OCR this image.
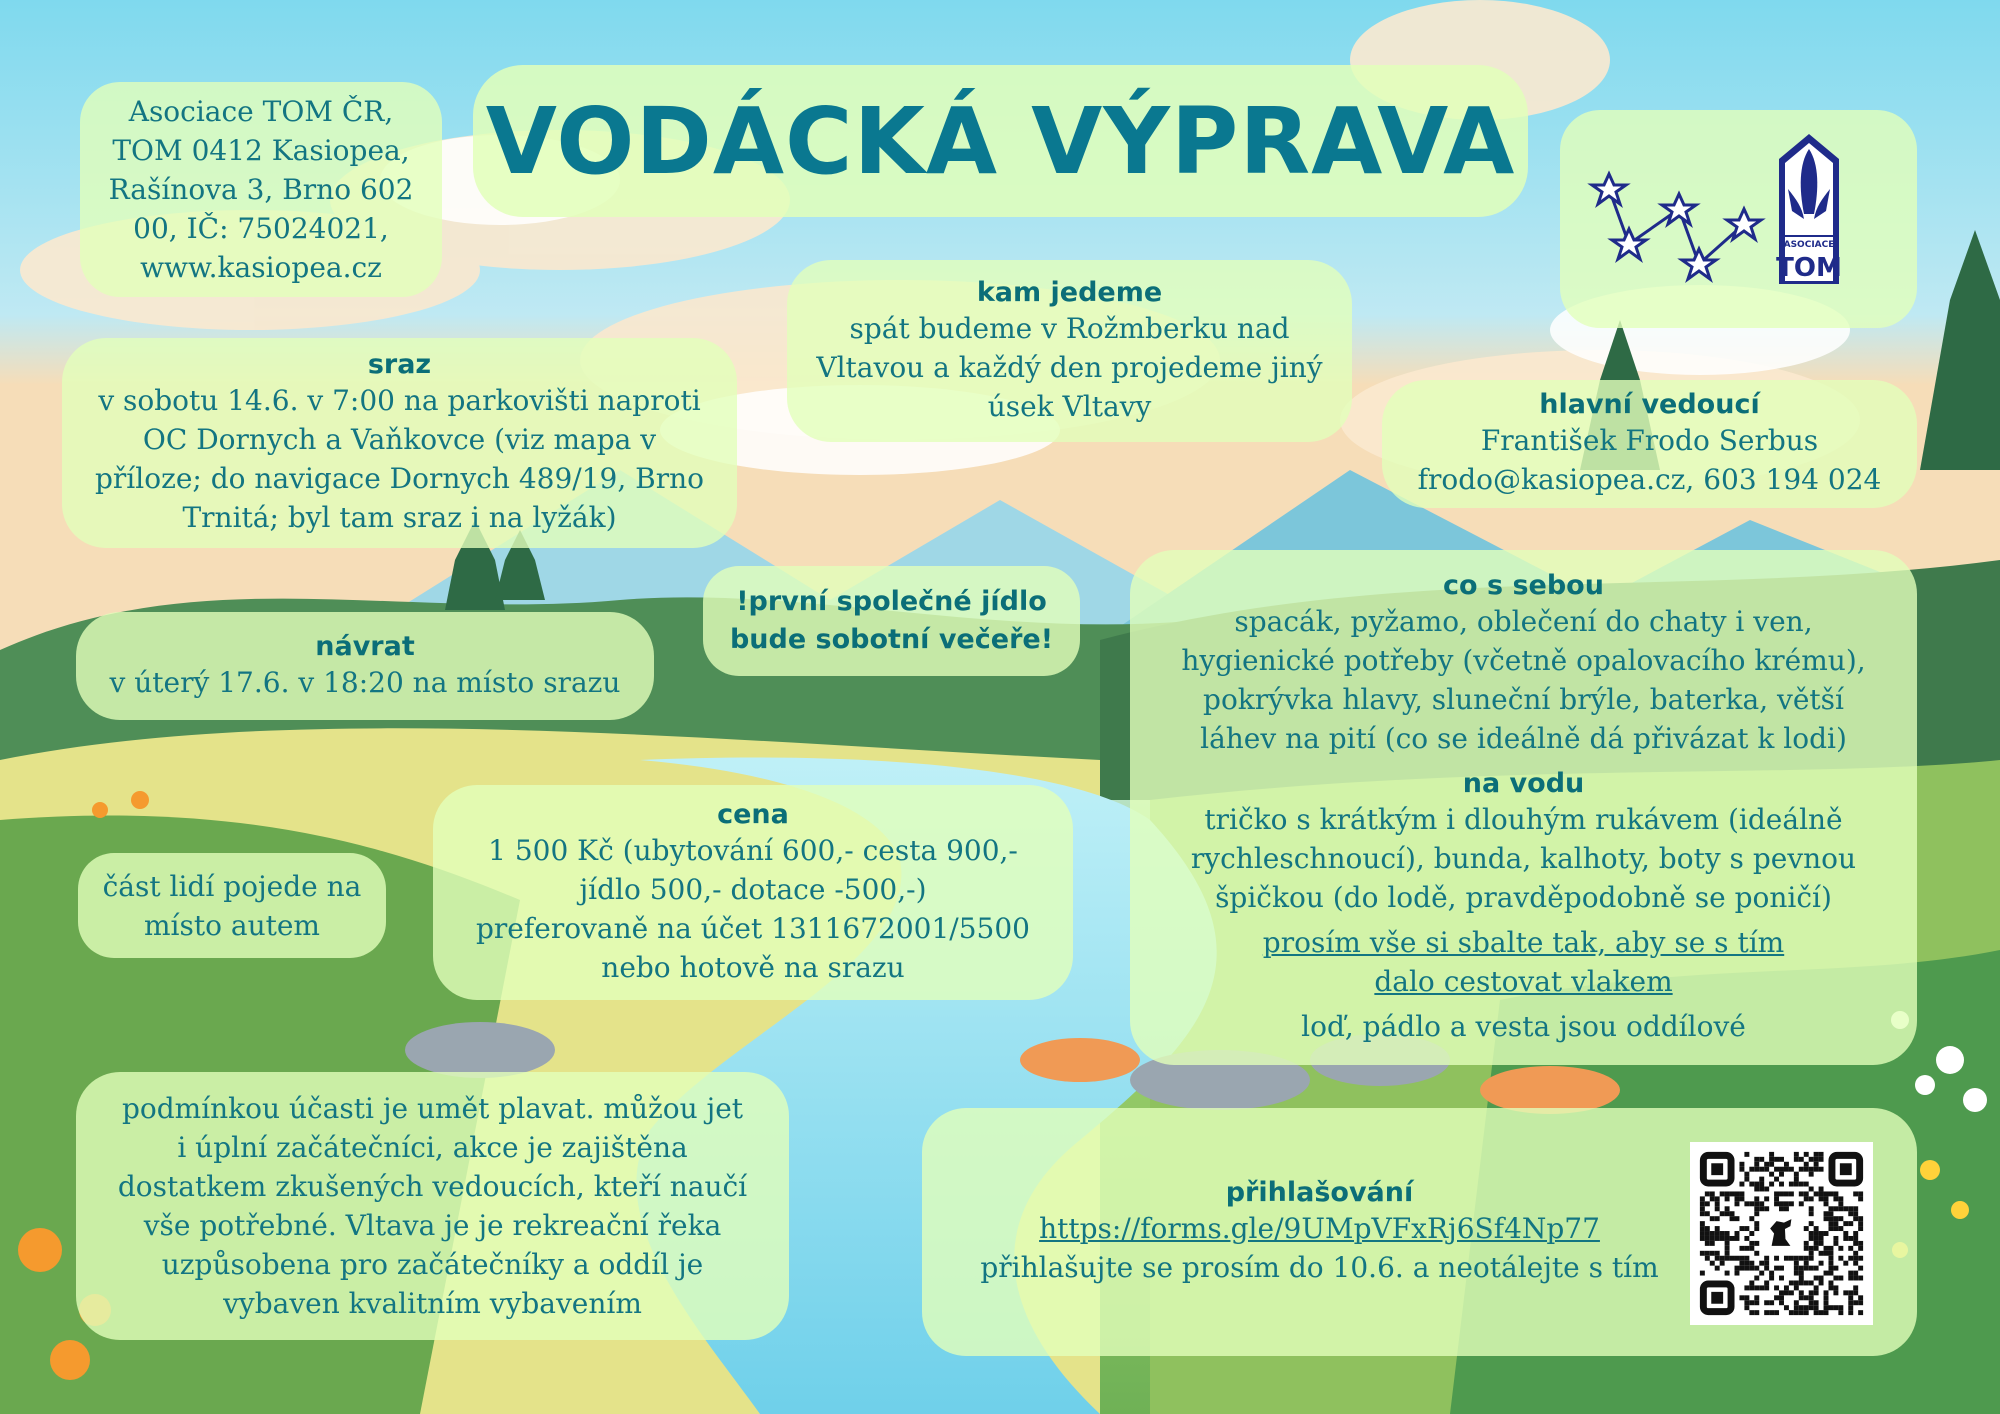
Asociace TOM ČR,
TOM 0412 Kasiopea,
Rašínova 3, Brno 602
00, IČ: 75024021,
www.kasiopea.cz
VODÁCKÁ VÝPRAVA
ASOCIACE
TOM
kam jedeme
spát budeme v Rožmberku nad
Vltavou a každý den projedeme jiný
úsek Vltavy
sraz
v sobotu 14.6. v 7:00 na parkovišti naproti
OC Dornych a Vaňkovce (viz mapa v
příloze; do navigace Dornych 489/19, Brno
Trnitá; byl tam sraz i na lyžák)
hlavní vedoucí
František Frodo Serbus
frodo@kasiopea.cz, 603 194 024
!první společné jídlo
bude sobotní večeře!
návrat
v úterý 17.6. v 18:20 na místo srazu
co s sebou
spacák, pyžamo, oblečení do chaty i ven,
hygienické potřeby (včetně opalovacího krému),
pokrývka hlavy, sluneční brýle, baterka, větší
láhev na pití (co se ideálně dá přivázat k lodi)
na vodu
tričko s krátkým i dlouhým rukávem (ideálně
rychleschnoucí), bunda, kalhoty, boty s pevnou
špičkou (do lodě, pravděpodobně se poničí)
prosím vše si sbalte tak, aby se s tím
dalo cestovat vlakem
loď, pádlo a vesta jsou oddílové
cena
1 500 Kč (ubytování 600,- cesta 900,-
jídlo 500,- dotace -500,-)
preferovaně na účet 1311672001/5500
nebo hotově na srazu
část lidí pojede na
místo autem
podmínkou účasti je umět plavat. můžou jet
i úplní začátečníci, akce je zajištěna
dostatkem zkušených vedoucích, kteří naučí
vše potřebné. Vltava je je rekreační řeka
uzpůsobena pro začátečníky a oddíl je
vybaven kvalitním vybavením
přihlašování
https://forms.gle/9UMpVFxRj6Sf4Np77
přihlašujte se prosím do 10.6. a neotálejte s tím
